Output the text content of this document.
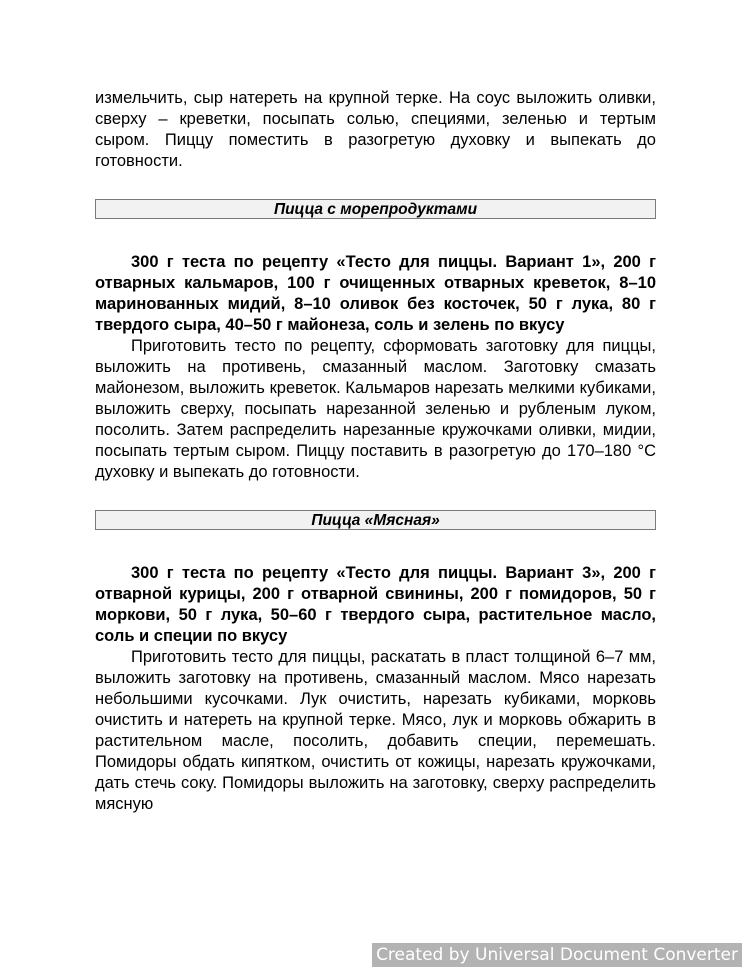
измельчить, сыр натереть на крупной терке. На соус выложить оливки, сверху – креветки, посыпать солью, специями, зеленью и тертым сыром. Пиццу поместить в разогретую духовку и выпекать до готовности.

Пицца с морепродуктами

300 г теста по рецепту «Тесто для пиццы. Вариант 1», 200 г отварных кальмаров, 100 г очищенных отварных креветок, 8–10 маринованных мидий, 8–10 оливок без косточек, 50 г лука, 80 г твердого сыра, 40–50 г майонеза, соль и зелень по вкусу

Приготовить тесто по рецепту, сформовать заготовку для пиццы, выложить на противень, смазанный маслом. Заготовку смазать майонезом, выложить креветок. Кальмаров нарезать мелкими кубиками, выложить сверху, посыпать нарезанной зеленью и рубленым луком, посолить. Затем распределить нарезанные кружочками оливки, мидии, посыпать тертым сыром. Пиццу поставить в разогретую до 170–180 °С духовку и выпекать до готовности.

Пицца «Мясная»

300 г теста по рецепту «Тесто для пиццы. Вариант 3», 200 г отварной курицы, 200 г отварной свинины, 200 г помидоров, 50 г моркови, 50 г лука, 50–60 г твердого сыра, растительное масло, соль и специи по вкусу

Приготовить тесто для пиццы, раскатать в пласт толщиной 6–7 мм, выложить заготовку на противень, смазанный маслом. Мясо нарезать небольшими кусочками. Лук очистить, нарезать кубиками, морковь очистить и натереть на крупной терке. Мясо, лук и морковь обжарить в растительном масле, посолить, добавить специи, перемешать. Помидоры обдать кипятком, очистить от кожицы, нарезать кружочками, дать стечь соку. Помидоры выложить на заготовку, сверху распределить мясную

Created by Universal Document Converter
